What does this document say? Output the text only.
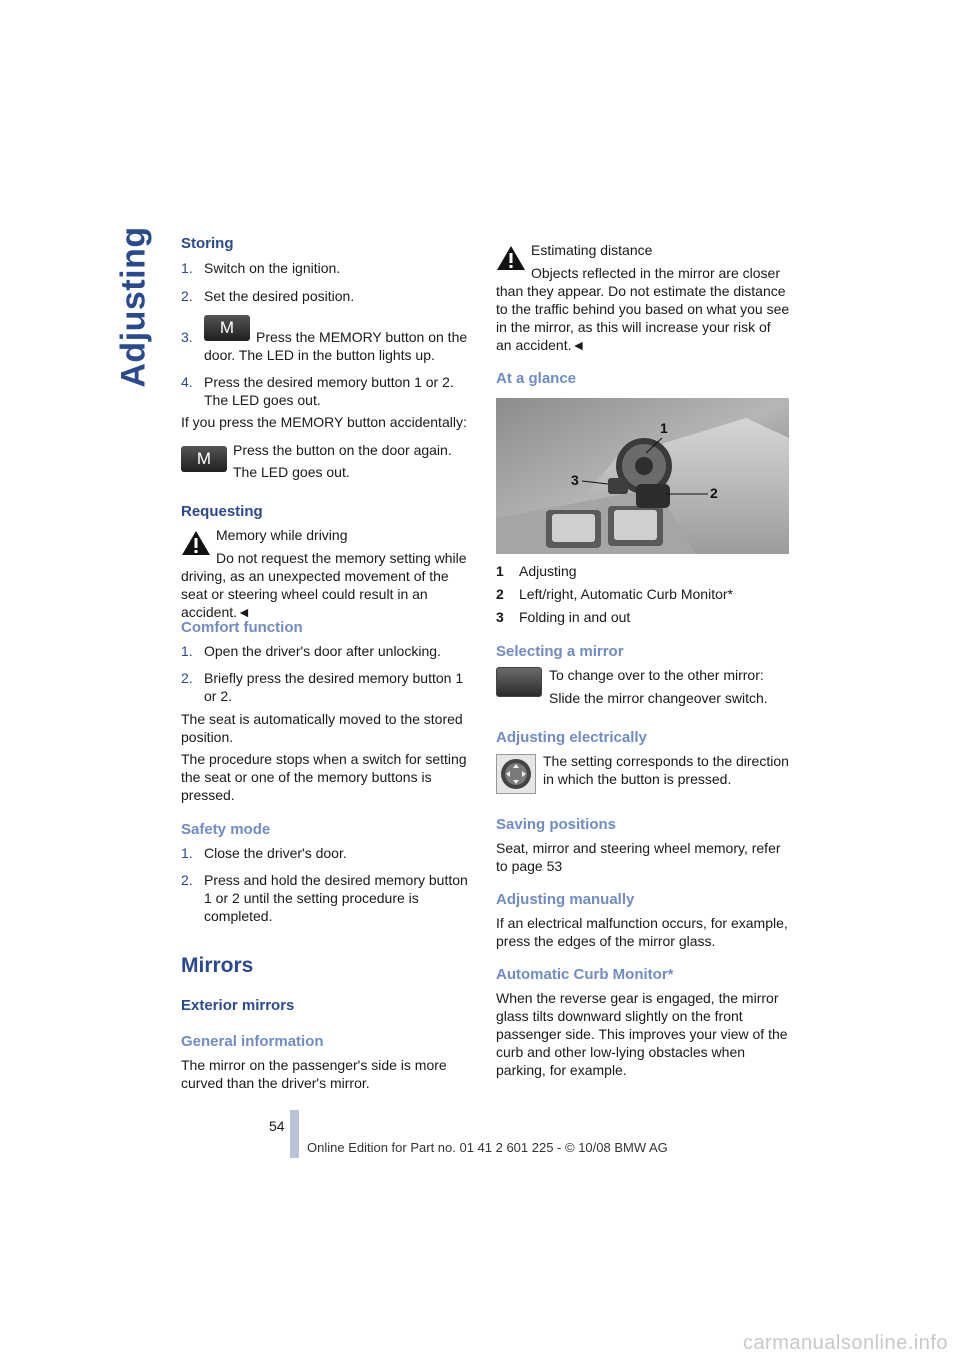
Adjusting Storing
1. Switch on the ignition.
2. Set the desired position.
3.	Press the MEMORY button on the door. The LED in the button lights up.
M
4. Press the desired memory button 1 or 2. The LED goes out.
If you press the MEMORY button accidentally:
M	Press the button on the door again.
The LED goes out.
Requesting
Memory while driving
Do not request the memory setting while driving, as an unexpected movement of the seat or steering wheel could result in an accident.◄
Comfort function
1. Open the driver's door after unlocking.
2. Briefly press the desired memory button 1 or 2.
The seat is automatically moved to the stored position.
The procedure stops when a switch for setting the seat or one of the memory buttons is pressed.
Safety mode
1. Close the driver's door.
2. Press and hold the desired memory button 1 or 2 until the setting procedure is completed.
Mirrors
Exterior mirrors
General information
The mirror on the passenger's side is more curved than the driver's mirror.
Estimating distance
Objects reflected in the mirror are closer than they appear. Do not estimate the distance to the traffic behind you based on what you see in the mirror, as this will increase your risk of an accident.◄
At a glance
1
2
3
1 Adjusting
2 Left/right, Automatic Curb Monitor*
3 Folding in and out
Selecting a mirror
To change over to the other mirror:
Slide the mirror changeover switch.
Adjusting electrically
The setting corresponds to the direction in which the button is pressed.
Saving positions
Seat, mirror and steering wheel memory, refer to page 53
Adjusting manually
If an electrical malfunction occurs, for example, press the edges of the mirror glass.
Automatic Curb Monitor*
When the reverse gear is engaged, the mirror glass tilts downward slightly on the front passenger side. This improves your view of the curb and other low-lying obstacles when parking, for example.
54
Online Edition for Part no. 01 41 2 601 225 - © 10/08 BMW AG
carmanualsonline.info
